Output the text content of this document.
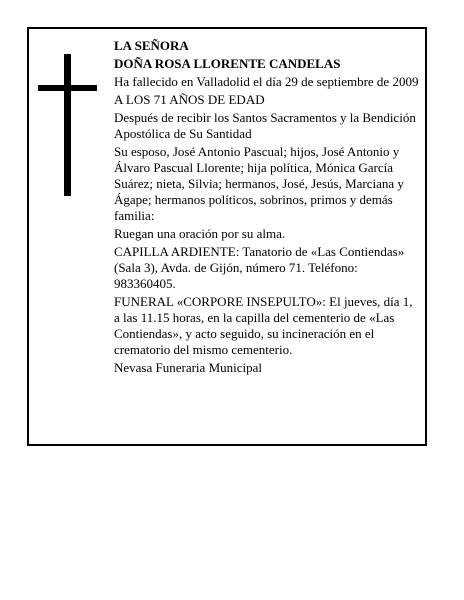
LA SEÑORA

DOÑA ROSA LLORENTE CANDELAS

Ha fallecido en Valladolid el día 29 de septiembre de 2009

A LOS 71 AÑOS DE EDAD

Después de recibir los Santos Sacramentos y la Bendición Apostólica de Su Santidad

Su esposo, José Antonio Pascual; hijos, José Antonio y Álvaro Pascual Llorente; hija política, Mónica García Suárez; nieta, Silvia; hermanos, José, Jesús, Marciana y Ágape; hermanos políticos, sobrinos, primos y demás familia:

Ruegan una oración por su alma.

CAPILLA ARDIENTE: Tanatorio de «Las Contiendas» (Sala 3), Avda. de Gijón, número 71. Teléfono: 983360405.

FUNERAL «CORPORE INSEPULTO»: El jueves, día 1, a las 11.15 horas, en la capilla del cementerio de «Las Contiendas», y acto seguido, su incineración en el crematorio del mismo cementerio.

Nevasa Funeraria Municipal
